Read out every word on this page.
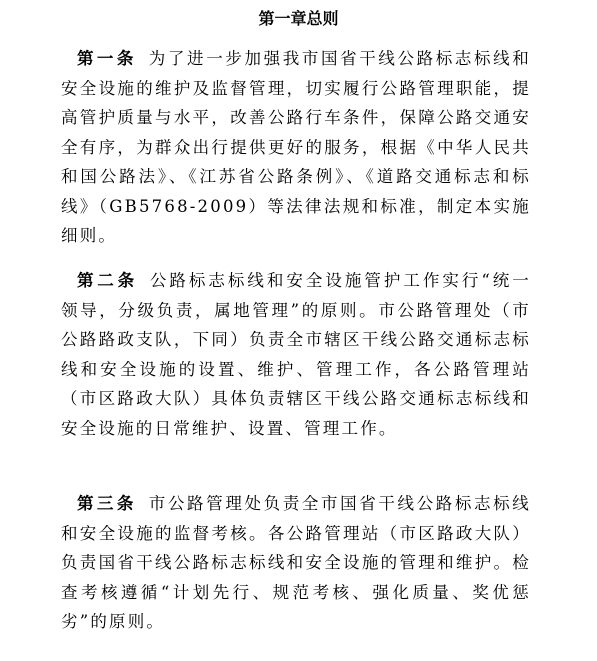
第一章总则
第一条 为了进一步加强我市国省干线公路标志标线和安全设施的维护及监督管理，切实履行公路管理职能，提高管护质量与水平，改善公路行车条件，保障公路交通安全有序，为群众出行提供更好的服务，根据《中华人民共和国公路法》、《江苏省公路条例》、《道路交通标志和标线》（GB5768-2009）等法律法规和标准，制定本实施细则。
第二条 公路标志标线和安全设施管护工作实行“统一领导，分级负责，属地管理”的原则。市公路管理处（市公路路政支队，下同）负责全市辖区干线公路交通标志标线和安全设施的设置、维护、管理工作，各公路管理站（市区路政大队）具体负责辖区干线公路交通标志标线和安全设施的日常维护、设置、管理工作。
第三条 市公路管理处负责全市国省干线公路标志标线和安全设施的监督考核。各公路管理站（市区路政大队）负责国省干线公路标志标线和安全设施的管理和维护。检查考核遵循“计划先行、规范考核、强化质量、奖优惩劣”的原则。
